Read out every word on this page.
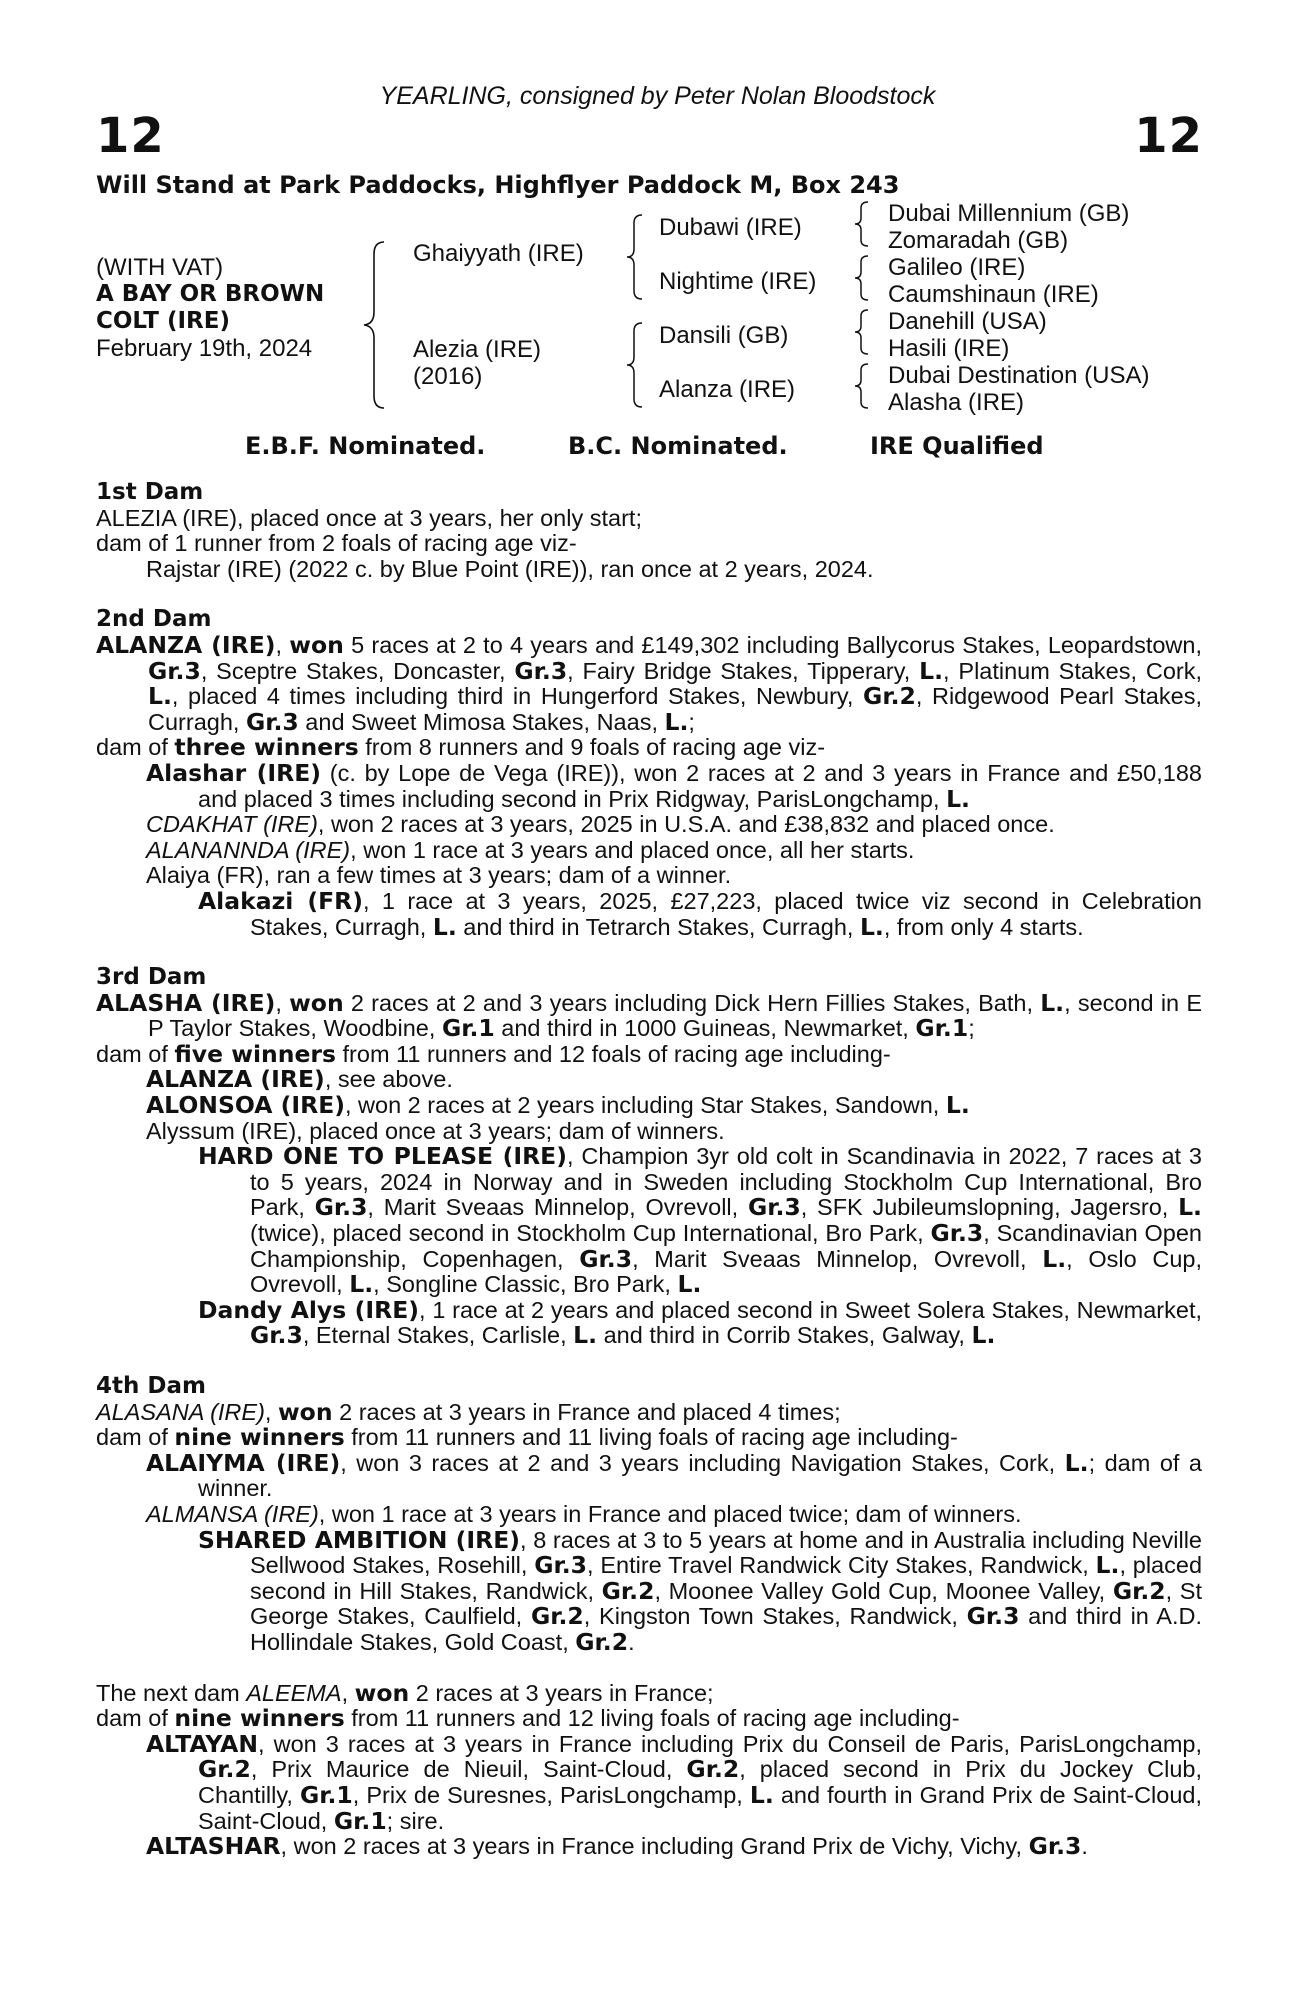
YEARLING, consigned by Peter Nolan Bloodstock
12	12
Will Stand at Park Paddocks, Highflyer Paddock M, Box 243
(WITH VAT)
A BAY OR BROWN
COLT (IRE)
February 19th, 2024
Ghaiyyath (IRE)
Alezia (IRE)
(2016)
Dubawi (IRE)
Nightime (IRE)
Dansili (GB)
Alanza (IRE)
Dubai Millennium (GB)
Zomaradah (GB)
Galileo (IRE)
Caumshinaun (IRE)
Danehill (USA)
Hasili (IRE)
Dubai Destination (USA)
Alasha (IRE)
E.B.F. Nominated.	B.C. Nominated.	IRE Qualified
1st Dam
ALEZIA (IRE), placed once at 3 years, her only start;
dam of 1 runner from 2 foals of racing age viz-
Rajstar (IRE) (2022 c. by Blue Point (IRE)), ran once at 2 years, 2024.
2nd Dam
ALANZA (IRE), won 5 races at 2 to 4 years and £149,302 including Ballycorus Stakes, Leopardstown, Gr.3, Sceptre Stakes, Doncaster, Gr.3, Fairy Bridge Stakes, Tipperary, L., Platinum Stakes, Cork, L., placed 4 times including third in Hungerford Stakes, Newbury, Gr.2, Ridgewood Pearl Stakes, Curragh, Gr.3 and Sweet Mimosa Stakes, Naas, L.;
dam of three winners from 8 runners and 9 foals of racing age viz-
Alashar (IRE) (c. by Lope de Vega (IRE)), won 2 races at 2 and 3 years in France and £50,188 and placed 3 times including second in Prix Ridgway, ParisLongchamp, L.
CDAKHAT (IRE), won 2 races at 3 years, 2025 in U.S.A. and £38,832 and placed once.
ALANANNDA (IRE), won 1 race at 3 years and placed once, all her starts.
Alaiya (FR), ran a few times at 3 years; dam of a winner.
Alakazi (FR), 1 race at 3 years, 2025, £27,223, placed twice viz second in Celebration Stakes, Curragh, L. and third in Tetrarch Stakes, Curragh, L., from only 4 starts.
3rd Dam
ALASHA (IRE), won 2 races at 2 and 3 years including Dick Hern Fillies Stakes, Bath, L., second in E P Taylor Stakes, Woodbine, Gr.1 and third in 1000 Guineas, Newmarket, Gr.1;
dam of five winners from 11 runners and 12 foals of racing age including-
ALANZA (IRE), see above.
ALONSOA (IRE), won 2 races at 2 years including Star Stakes, Sandown, L.
Alyssum (IRE), placed once at 3 years; dam of winners.
HARD ONE TO PLEASE (IRE), Champion 3yr old colt in Scandinavia in 2022, 7 races at 3 to 5 years, 2024 in Norway and in Sweden including Stockholm Cup International, Bro Park, Gr.3, Marit Sveaas Minnelop, Ovrevoll, Gr.3, SFK Jubileumslopning, Jagersro, L. (twice), placed second in Stockholm Cup International, Bro Park, Gr.3, Scandinavian Open Championship, Copenhagen, Gr.3, Marit Sveaas Minnelop, Ovrevoll, L., Oslo Cup, Ovrevoll, L., Songline Classic, Bro Park, L.
Dandy Alys (IRE), 1 race at 2 years and placed second in Sweet Solera Stakes, Newmarket, Gr.3, Eternal Stakes, Carlisle, L. and third in Corrib Stakes, Galway, L.
4th Dam
ALASANA (IRE), won 2 races at 3 years in France and placed 4 times;
dam of nine winners from 11 runners and 11 living foals of racing age including-
ALAIYMA (IRE), won 3 races at 2 and 3 years including Navigation Stakes, Cork, L.; dam of a winner.
ALMANSA (IRE), won 1 race at 3 years in France and placed twice; dam of winners.
SHARED AMBITION (IRE), 8 races at 3 to 5 years at home and in Australia including Neville Sellwood Stakes, Rosehill, Gr.3, Entire Travel Randwick City Stakes, Randwick, L., placed second in Hill Stakes, Randwick, Gr.2, Moonee Valley Gold Cup, Moonee Valley, Gr.2, St George Stakes, Caulfield, Gr.2, Kingston Town Stakes, Randwick, Gr.3 and third in A.D. Hollindale Stakes, Gold Coast, Gr.2.
The next dam ALEEMA, won 2 races at 3 years in France;
dam of nine winners from 11 runners and 12 living foals of racing age including-
ALTAYAN, won 3 races at 3 years in France including Prix du Conseil de Paris, ParisLongchamp, Gr.2, Prix Maurice de Nieuil, Saint-Cloud, Gr.2, placed second in Prix du Jockey Club, Chantilly, Gr.1, Prix de Suresnes, ParisLongchamp, L. and fourth in Grand Prix de Saint-Cloud, Saint-Cloud, Gr.1; sire.
ALTASHAR, won 2 races at 3 years in France including Grand Prix de Vichy, Vichy, Gr.3.
